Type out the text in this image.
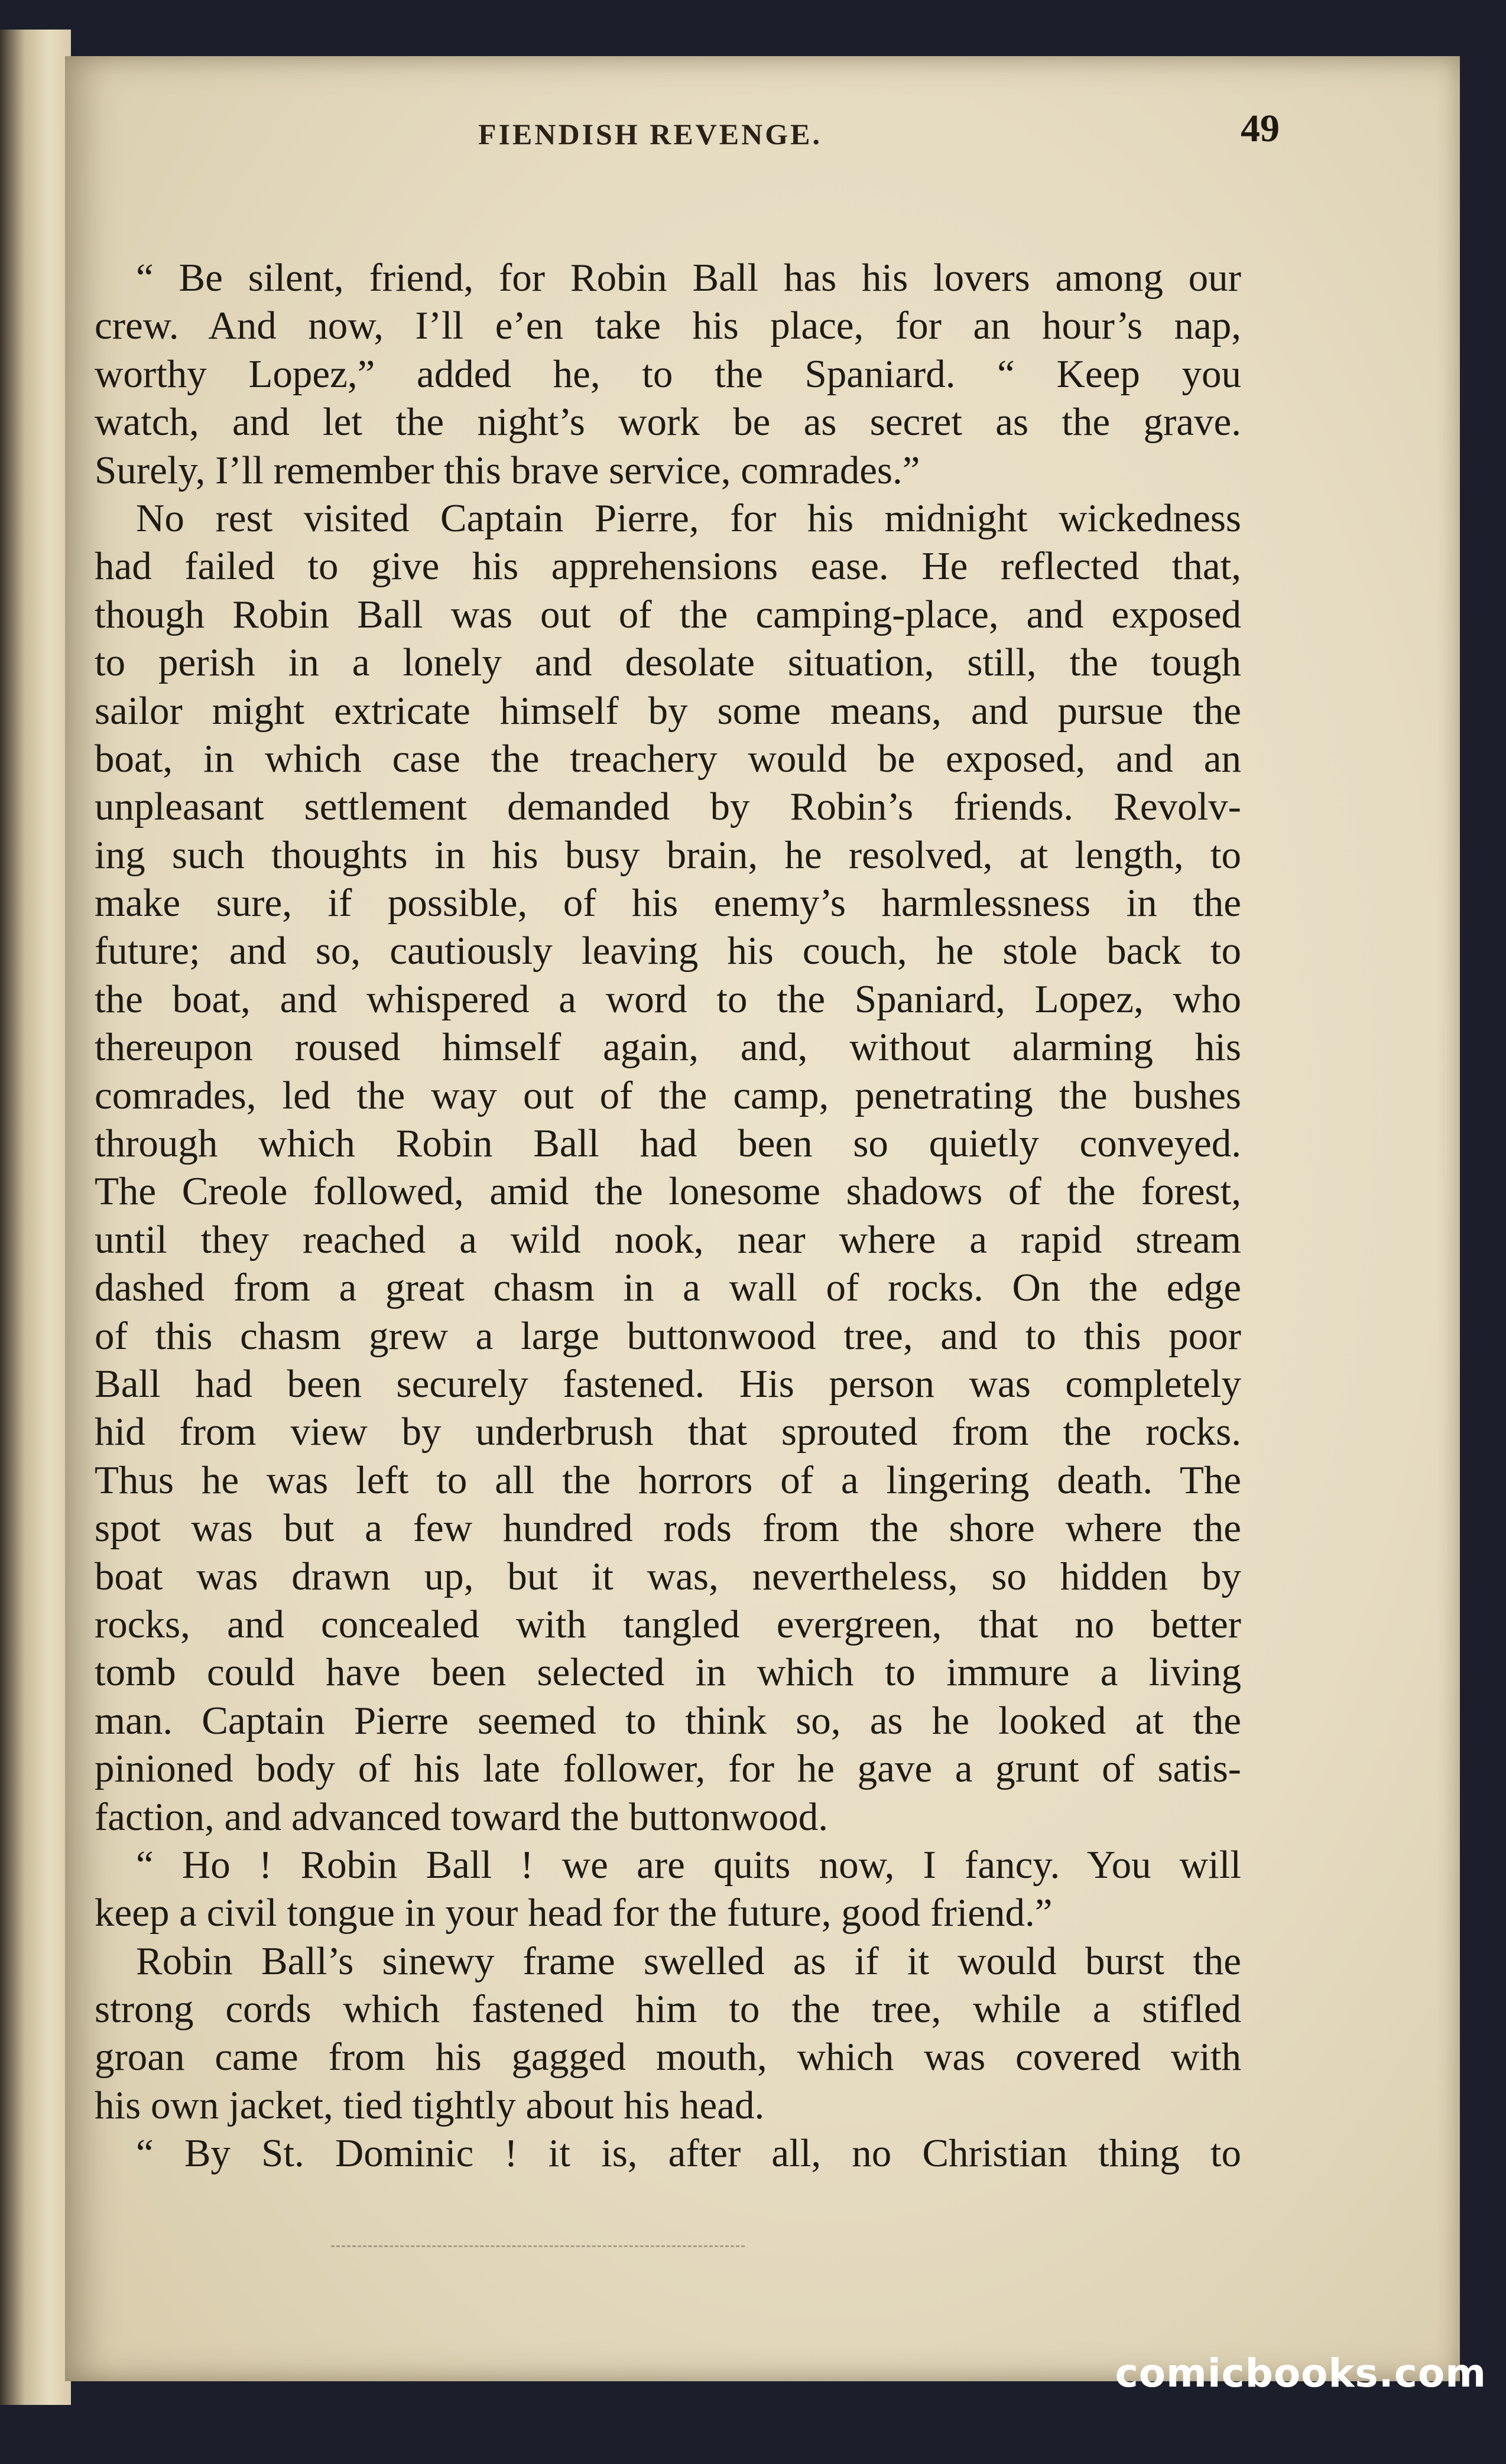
FIENDISH REVENGE.	49
“ Be silent, friend, for Robin Ball has his lovers among our
crew. And now, I’ll e’en take his place, for an hour’s nap,
worthy Lopez,” added he, to the Spaniard. “ Keep you
watch, and let the night’s work be as secret as the grave.
Surely, I’ll remember this brave service, comrades.”
No rest visited Captain Pierre, for his midnight wickedness
had failed to give his apprehensions ease. He reflected that,
though Robin Ball was out of the camping-place, and exposed
to perish in a lonely and desolate situation, still, the tough
sailor might extricate himself by some means, and pursue the
boat, in which case the treachery would be exposed, and an
unpleasant settlement demanded by Robin’s friends. Revolv-
ing such thoughts in his busy brain, he resolved, at length, to
make sure, if possible, of his enemy’s harmlessness in the
future; and so, cautiously leaving his couch, he stole back to
the boat, and whispered a word to the Spaniard, Lopez, who
thereupon roused himself again, and, without alarming his
comrades, led the way out of the camp, penetrating the bushes
through which Robin Ball had been so quietly conveyed.
The Creole followed, amid the lonesome shadows of the forest,
until they reached a wild nook, near where a rapid stream
dashed from a great chasm in a wall of rocks. On the edge
of this chasm grew a large buttonwood tree, and to this poor
Ball had been securely fastened. His person was completely
hid from view by underbrush that sprouted from the rocks.
Thus he was left to all the horrors of a lingering death. The
spot was but a few hundred rods from the shore where the
boat was drawn up, but it was, nevertheless, so hidden by
rocks, and concealed with tangled evergreen, that no better
tomb could have been selected in which to immure a living
man. Captain Pierre seemed to think so, as he looked at the
pinioned body of his late follower, for he gave a grunt of satis-
faction, and advanced toward the buttonwood.
“ Ho ! Robin Ball ! we are quits now, I fancy. You will
keep a civil tongue in your head for the future, good friend.”
Robin Ball’s sinewy frame swelled as if it would burst the
strong cords which fastened him to the tree, while a stifled
groan came from his gagged mouth, which was covered with
his own jacket, tied tightly about his head.
“ By St. Dominic ! it is, after all, no Christian thing to
comicbooks.com
